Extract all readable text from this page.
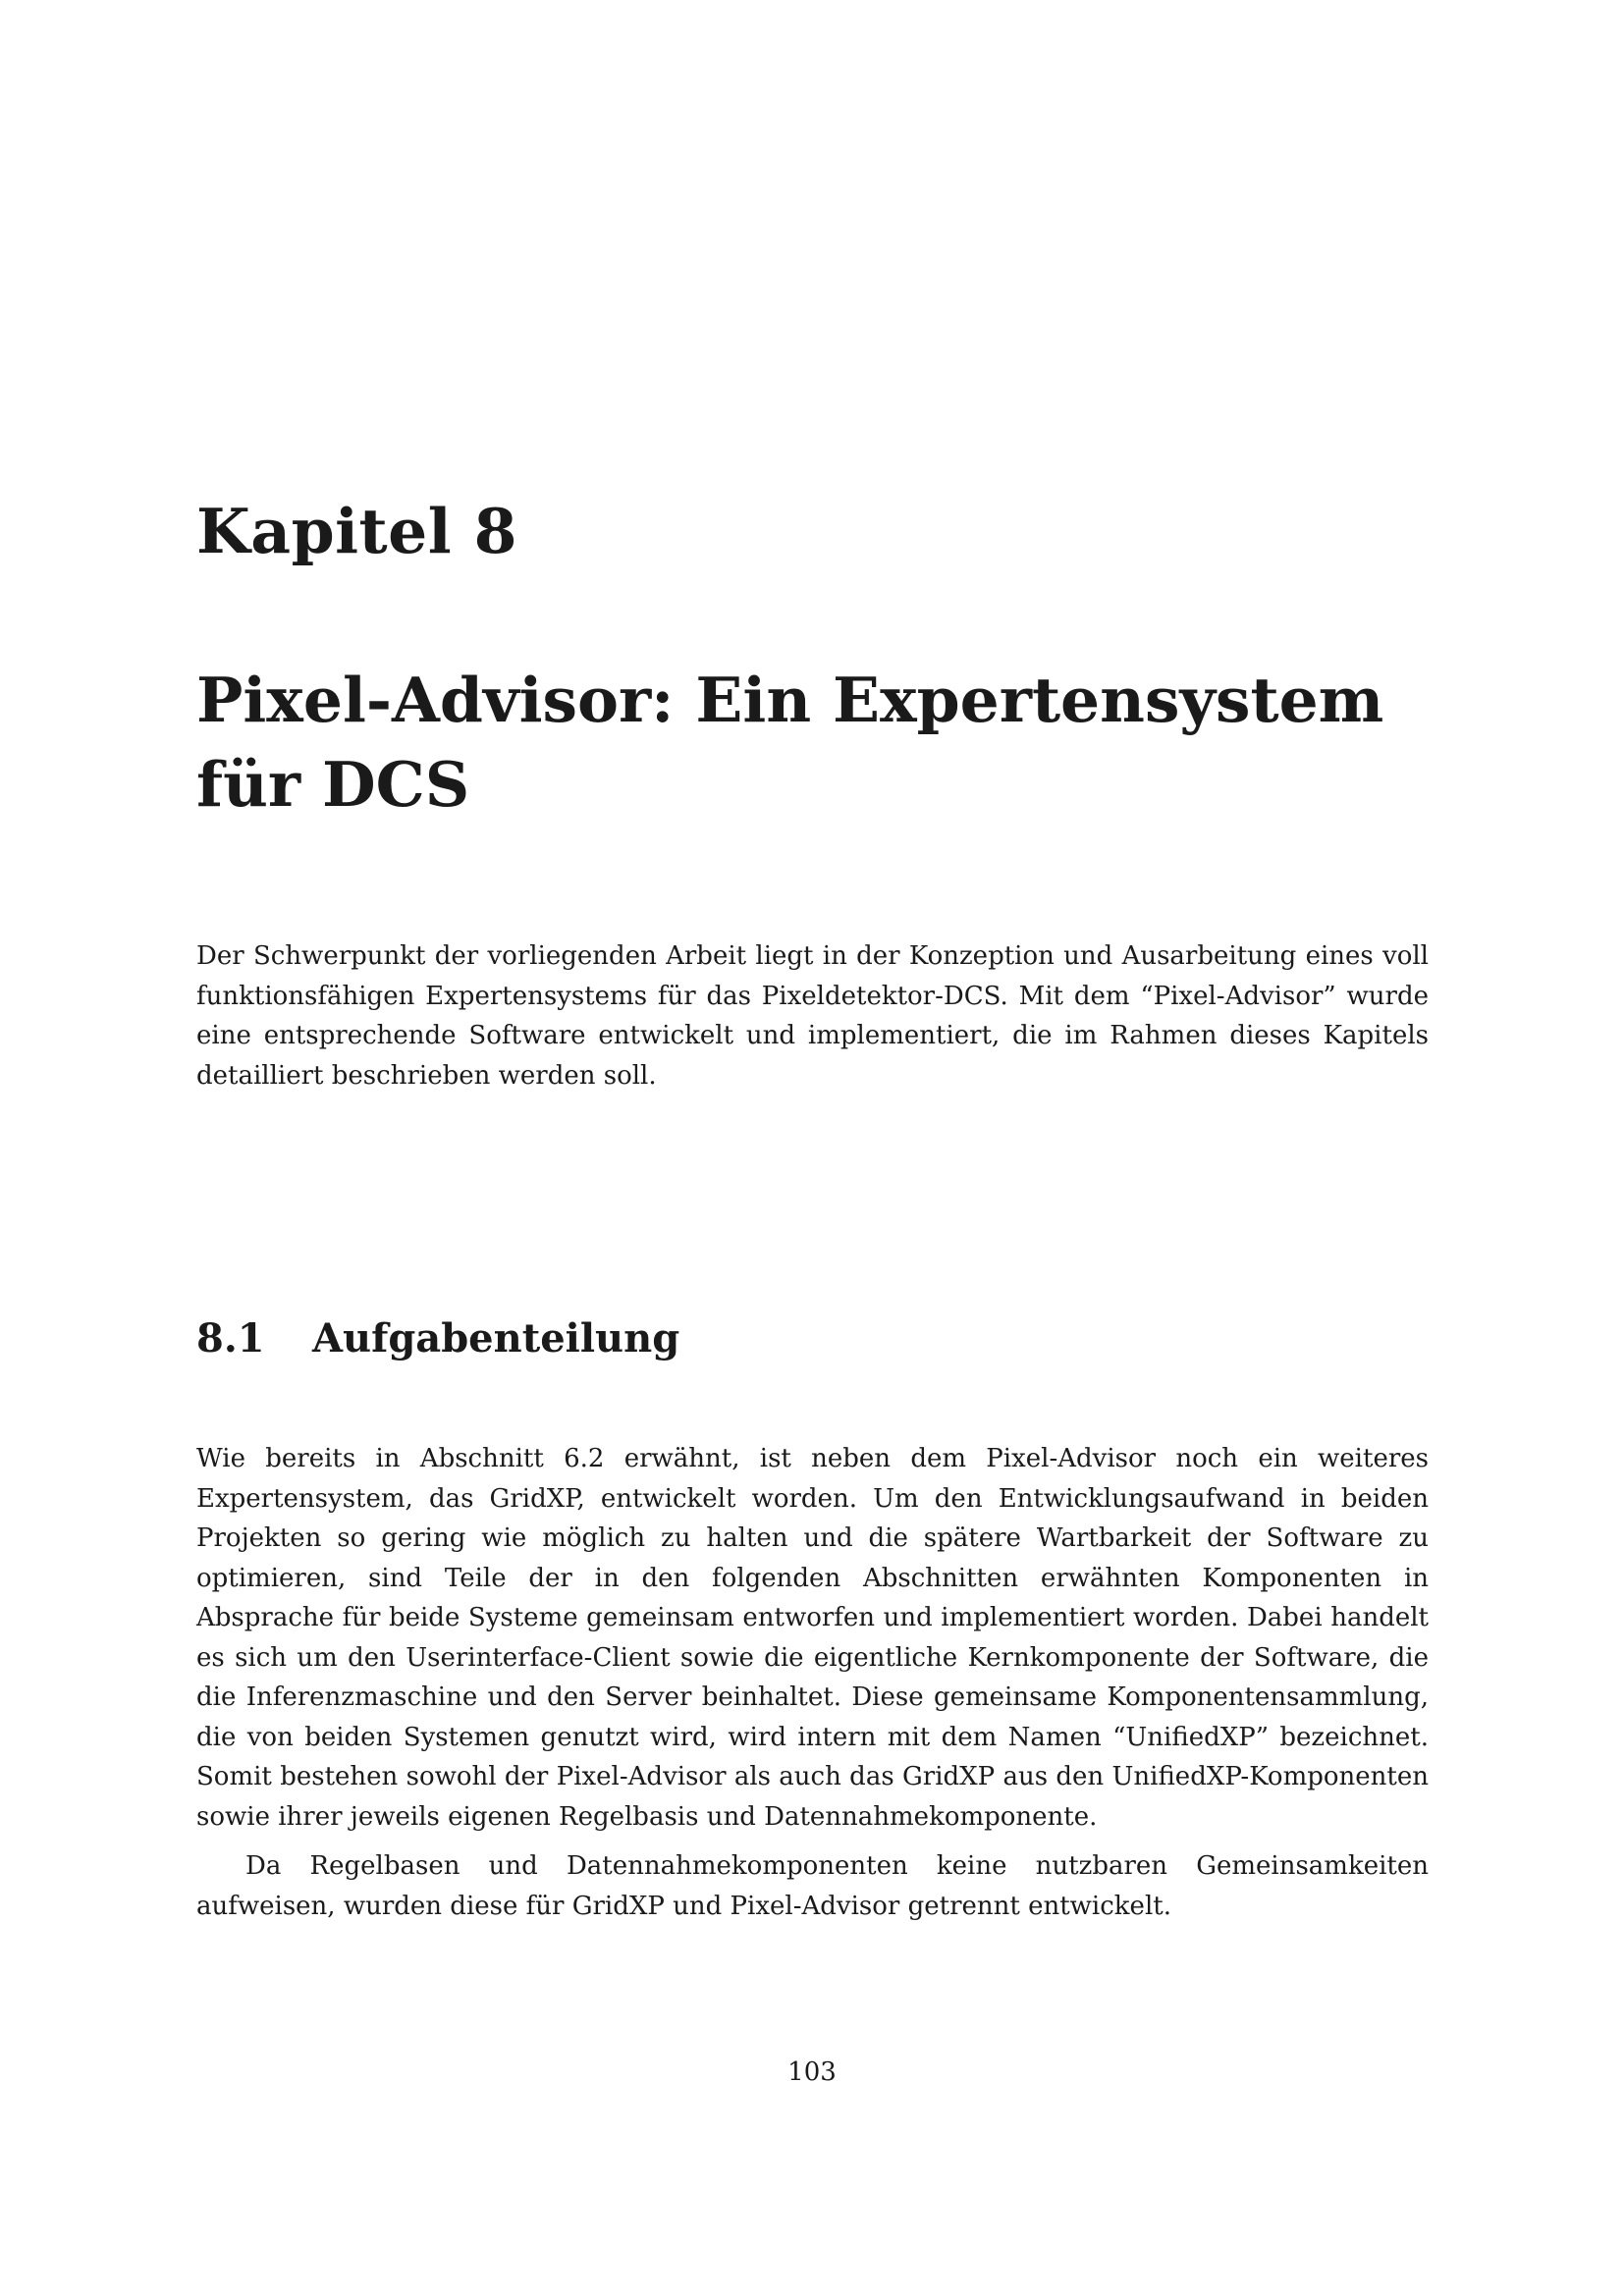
Kapitel 8
Pixel-Advisor: Ein Expertensystem für DCS

Der Schwerpunkt der vorliegenden Arbeit liegt in der Konzeption und Ausarbeitung eines voll funktionsfähigen Expertensystems für das Pixeldetektor-DCS. Mit dem “Pixel-Advisor” wurde eine entsprechende Software entwickelt und implementiert, die im Rahmen dieses Kapitels detailliert beschrieben werden soll.

8.1 Aufgabenteilung

Wie bereits in Abschnitt 6.2 erwähnt, ist neben dem Pixel-Advisor noch ein weiteres Expertensystem, das GridXP, entwickelt worden. Um den Entwicklungsaufwand in beiden Projekten so gering wie möglich zu halten und die spätere Wartbarkeit der Software zu optimieren, sind Teile der in den folgenden Abschnitten erwähnten Komponenten in Absprache für beide Systeme gemeinsam entworfen und implementiert worden. Dabei handelt es sich um den Userinterface-Client sowie die eigentliche Kernkomponente der Software, die die Inferenzmaschine und den Server beinhaltet. Diese gemeinsame Komponentensammlung, die von beiden Systemen genutzt wird, wird intern mit dem Namen “UnifiedXP” bezeichnet. Somit bestehen sowohl der Pixel-Advisor als auch das GridXP aus den UnifiedXP-Komponenten sowie ihrer jeweils eigenen Regelbasis und Datennahmekomponente.

Da Regelbasen und Datennahmekomponenten keine nutzbaren Gemeinsamkeiten aufweisen, wurden diese für GridXP und Pixel-Advisor getrennt entwickelt.

103
